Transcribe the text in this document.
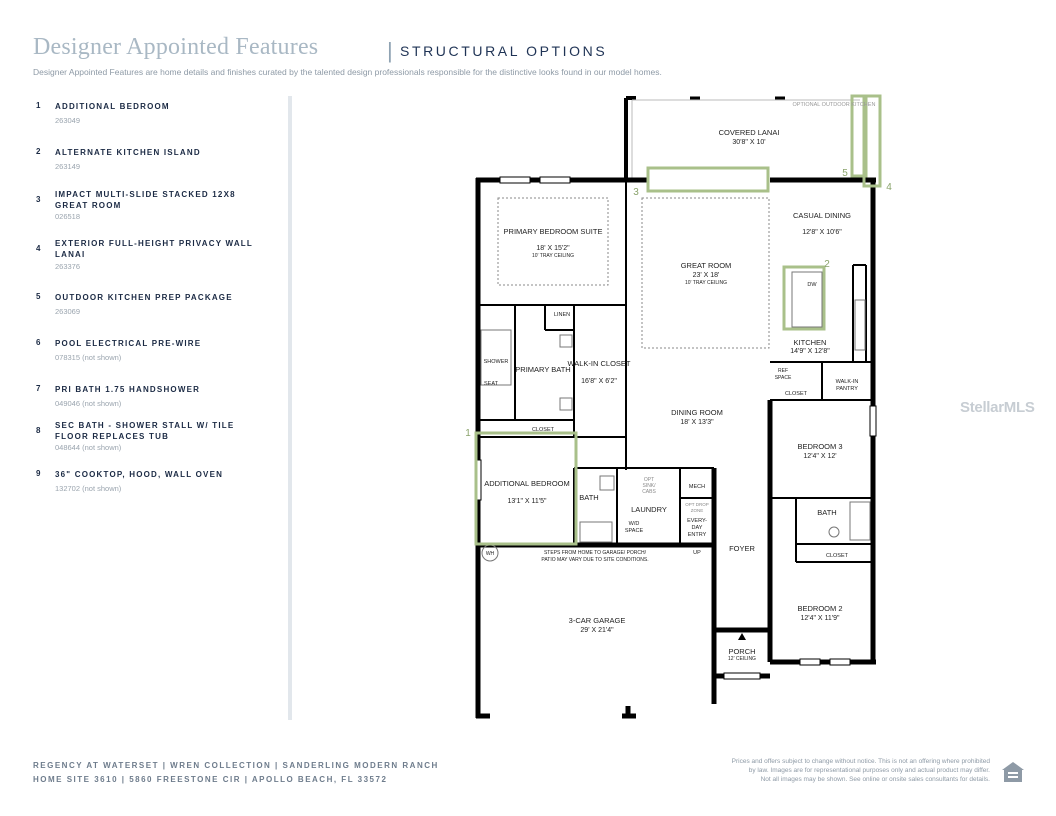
Designer Appointed Features	| STRUCTURAL OPTIONS
Designer Appointed Features are home details and finishes curated by the talented design professionals responsible for the distinctive looks found in our model homes.
1 ADDITIONAL BEDROOM
263049
2 ALTERNATE KITCHEN ISLAND
263149
3
IMPACT MULTI-SLIDE STACKED 12X8 GREAT ROOM
026518
4
EXTERIOR FULL-HEIGHT PRIVACY WALL LANAI
263376
5 OUTDOOR KITCHEN PREP PACKAGE
263069
6 POOL ELECTRICAL PRE-WIRE
078315 (not shown)
7 PRI BATH 1.75 HANDSHOWER
049046 (not shown)
8
SEC BATH - SHOWER STALL W/ TILE FLOOR REPLACES TUB
048644 (not shown)
9 36" COOKTOP, HOOD, WALL OVEN
132702 (not shown)
OPTIONAL OUTDOOR KITCHEN
COVERED LANAI
30'8" X 10'
PRIMARY BEDROOM SUITE
18' X 15'2"
10' TRAY CEILING
GREAT ROOM
23' X 18'
10' TRAY CEILING
CASUAL DINING
12'8" X 10'6"
KITCHEN
14'9" X 12'8"
PRIMARY BATH
WALK-IN CLOSET
16'8" X 6'2"
DINING ROOM
18' X 13'3"
BEDROOM 3
12'4" X 12'
ADDITIONAL BEDROOM
13'1" X 11'5"
BEDROOM 2
12'4" X 11'9"
3-CAR GARAGE
29' X 21'4"
PORCH
12' CEILING
LINEN
SHOWER
SEAT
CLOSET
BATH
LAUNDRY
OPT
SINK/
CABS
MECH
OPT DROP
ZONE
EVERY-
DAY
ENTRY
W/D
SPACE
FOYER
UP
WALK-IN
PANTRY
REF
SPACE
CLOSET
BATH
CLOSET
DW
WH	STEPS FROM HOME TO GARAGE/ PORCH/
PATIO MAY VARY DUE TO SITE CONDITIONS.
1
2
3	4
5
StellarMLS
REGENCY AT WATERSET | WREN COLLECTION | SANDERLING MODERN RANCH
HOME SITE 3610 | 5860 FREESTONE CIR | APOLLO BEACH, FL 33572
Prices and offers subject to change without notice. This is not an offering where prohibited
by law. Images are for representational purposes only and actual product may differ.
Not all images may be shown. See online or onsite sales consultants for details.
